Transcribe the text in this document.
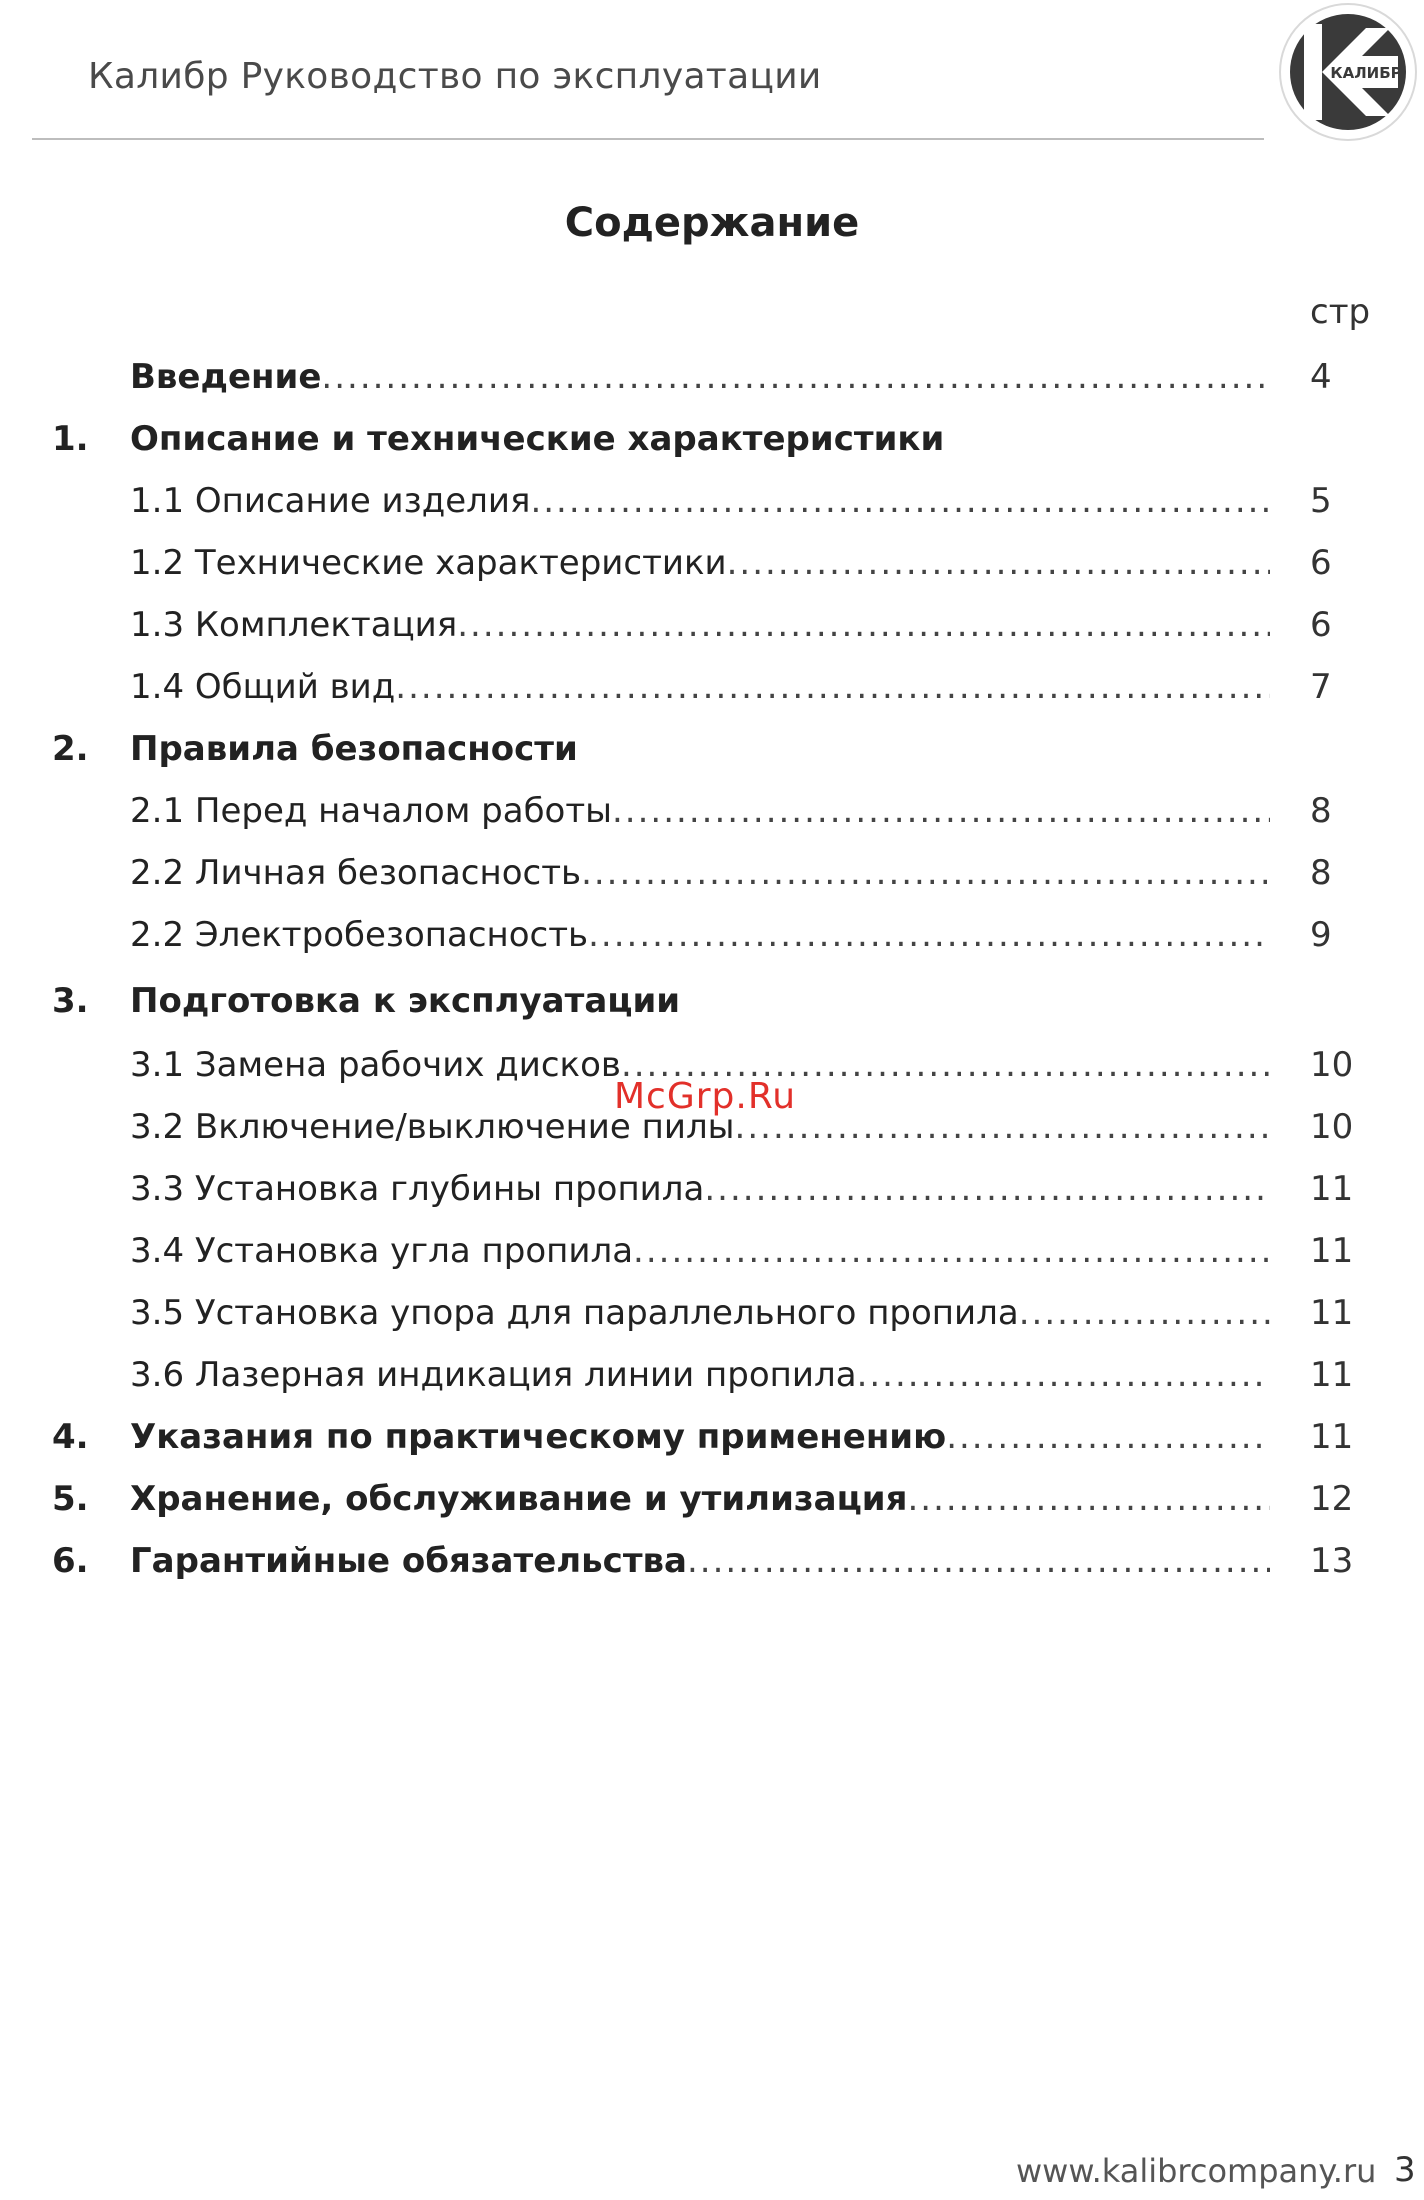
Калибр Руководство по эксплуатации	КАЛИБР
Содержание
стр
Введение .....	4
1. Описание и технические характеристики
1.1 Описание изделия .....	5
1.2 Технические характеристики .....	6
1.3 Комплектация .....	6
1.4 Общий вид .....	7
2. Правила безопасности
2.1 Перед началом работы .....	8
2.2 Личная безопасность .....	8
2.2 Электробезопасность .....	9
3. Подготовка к эксплуатации
3.1 Замена рабочих дисков .....	10
3.2 Включение/выключение пилы .....	10
3.3 Установка глубины пропила .....	11
3.4 Установка угла пропила .....	11
3.5 Установка упора для параллельного пропила .....	11
3.6 Лазерная индикация линии пропила .....	11
4. Указания по практическому применению .....	11
5. Хранение, обслуживание и утилизация .....	12
6. Гарантийные обязательства .....	13
McGrp.Ru
www.kalibrcompany.ru 3
